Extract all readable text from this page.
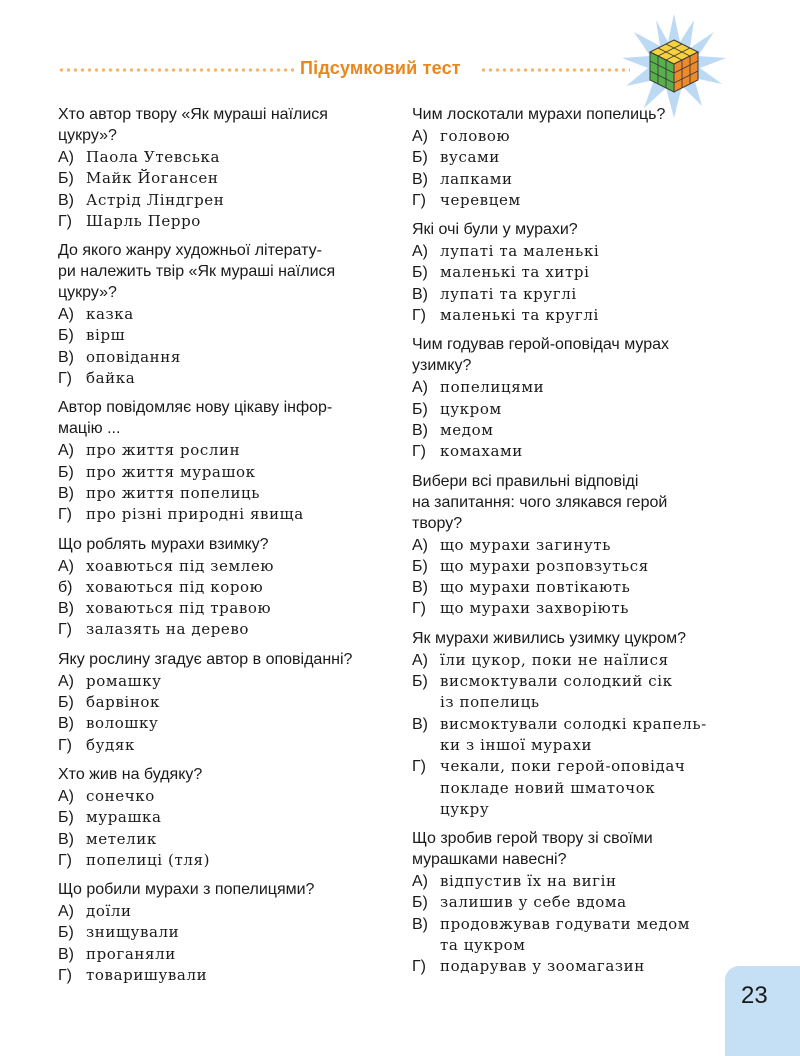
Підсумковий тест
Хто автор твору «Як мураші наїлися
цукру»?
А) Паола Утевська
Б) Майк Йогансен
В) Астрід Ліндгрен
Г) Шарль Перро
До якого жанру художньої літерату-
ри належить твір «Як мураші наїлися
цукру»?
А) казка
Б) вірш
В) оповідання
Г) байка
Автор повідомляє нову цікаву інфор-
мацію ...
А) про життя рослин
Б) про життя мурашок
В) про життя попелиць
Г) про різні природні явища
Що роблять мурахи взимку?
А) хоавються під землею
б) ховаються під корою
В) ховаються під травою
Г) залазять на дерево
Яку рослину згадує автор в оповіданні?
А) ромашку
Б) барвінок
В) волошку
Г) будяк
Хто жив на будяку?
А) сонечко
Б) мурашка
В) метелик
Г) попелиці (тля)
Що робили мурахи з попелицями?
А) доїли
Б) знищували
В) проганяли
Г) товаришували
Чим лоскотали мурахи попелиць?
А) головою
Б) вусами
В) лапками
Г) черевцем
Які очі були у мурахи?
А) лупаті та маленькі
Б) маленькі та хитрі
В) лупаті та круглі
Г) маленькі та круглі
Чим годував герой-оповідач мурах
узимку?
А) попелицями
Б) цукром
В) медом
Г) комахами
Вибери всі правильні відповіді
на запитання: чого злякався герой
твору?
А) що мурахи загинуть
Б) що мурахи розповзуться
В) що мурахи повтікають
Г) що мурахи захворіють
Як мурахи живились узимку цукром?
А) їли цукор, поки не наїлися
Б) висмоктували солодкий сік
із попелиць
В) висмоктували солодкі крапель-
ки з іншої мурахи
Г) чекали, поки герой-оповідач
покладе новий шматочок
цукру
Що зробив герой твору зі своїми
мурашками навесні?
А) відпустив їх на вигін
Б) залишив у себе вдома
В) продовжував годувати медом
та цукром
Г) подарував у зоомагазин
23
